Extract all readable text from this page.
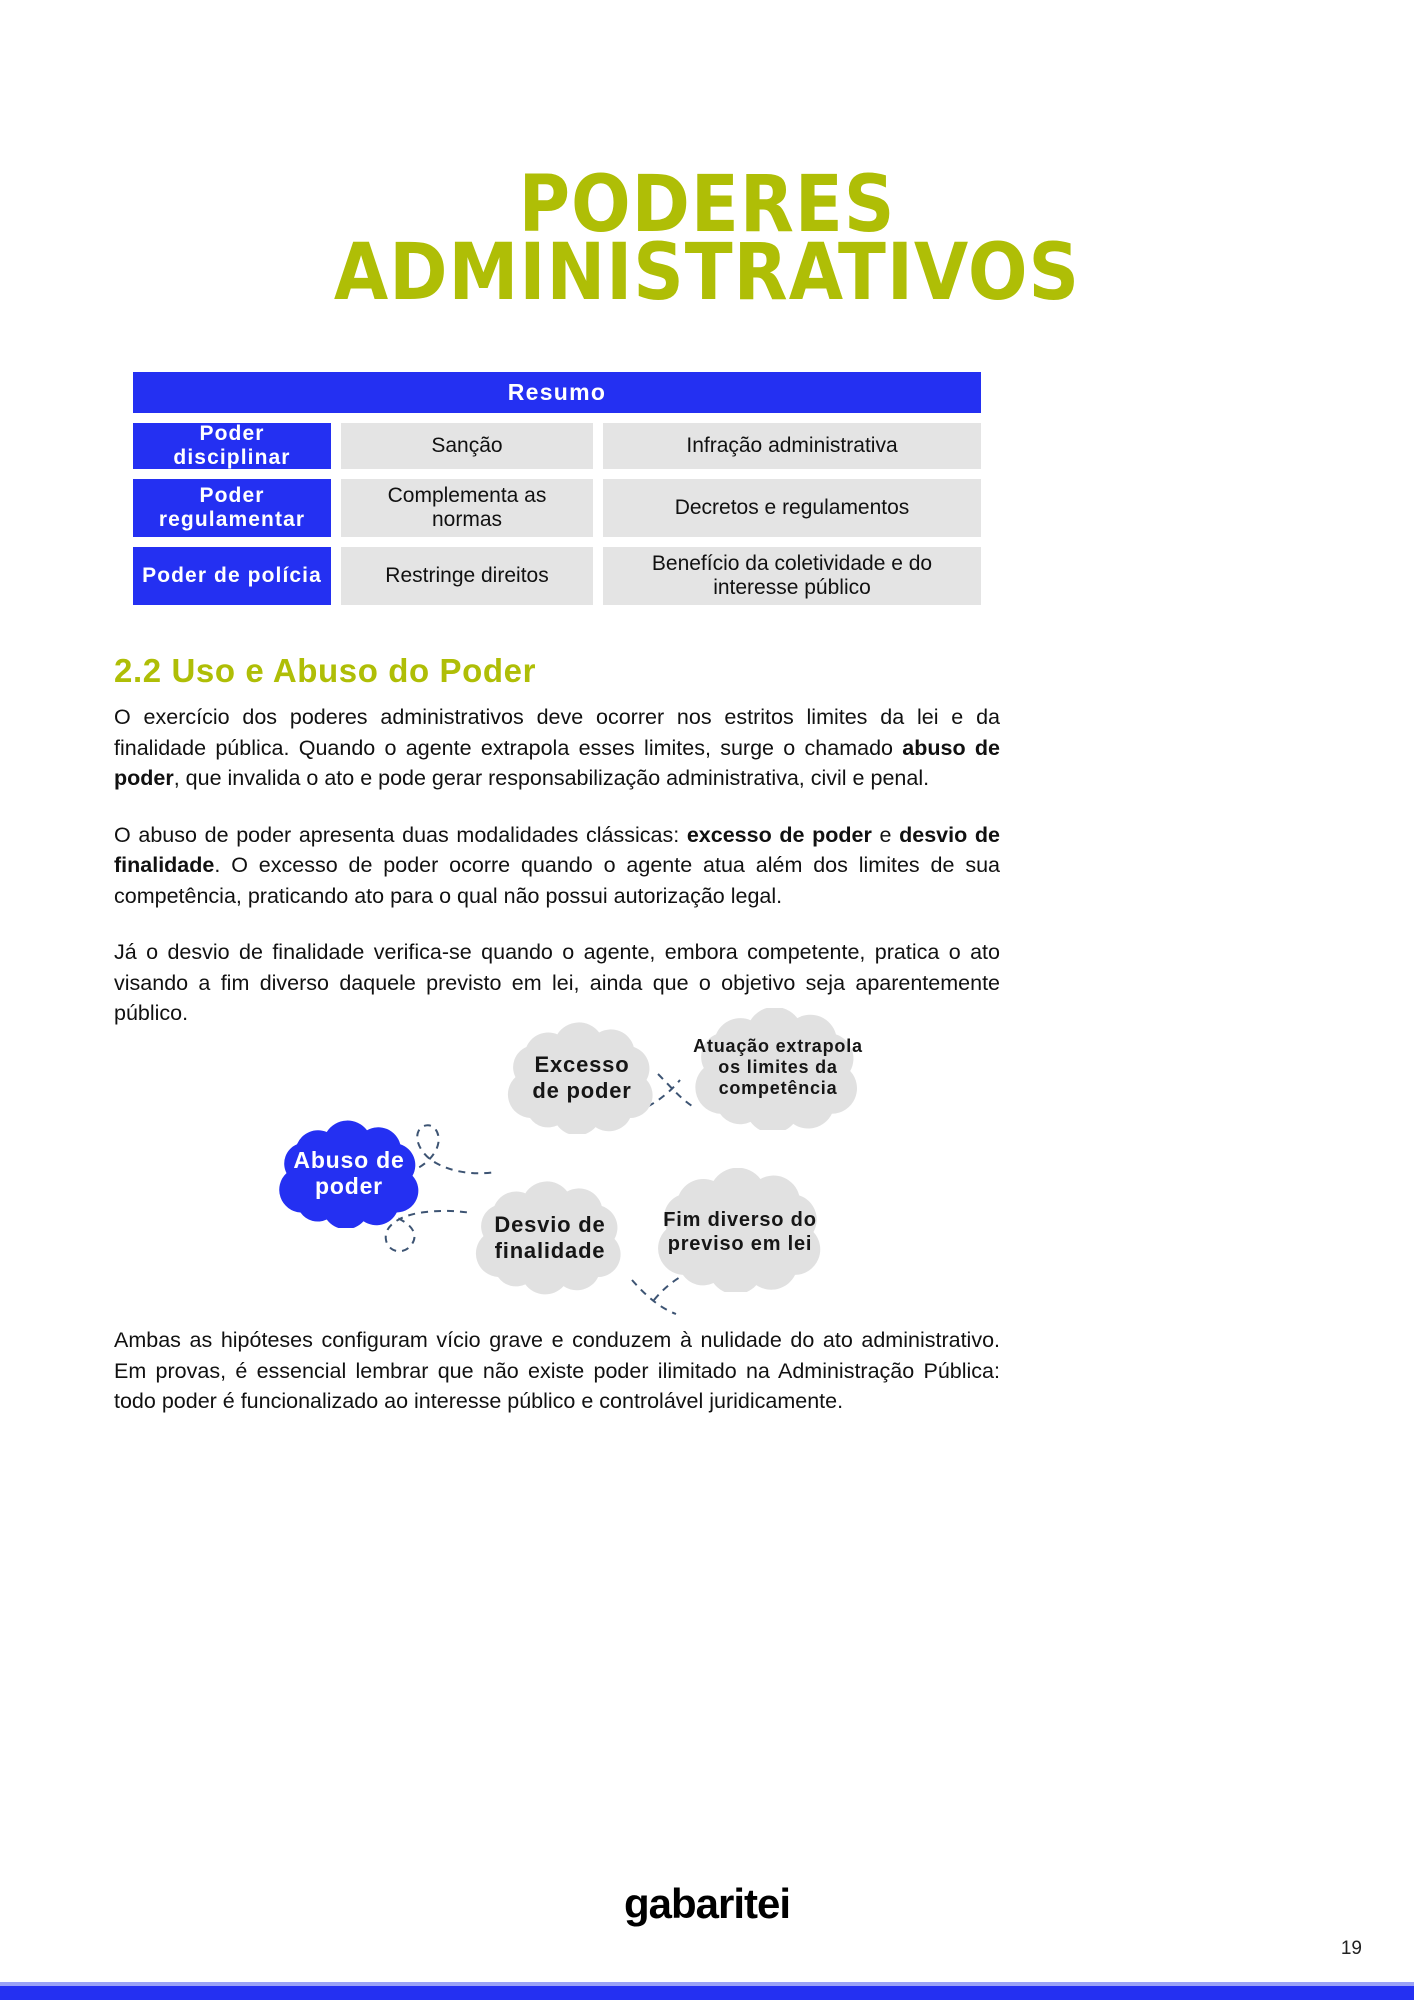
PODERES
ADMINISTRATIVOS
Resumo
Poder disciplinar
Sanção	Infração administrativa
Poder regulamentar
Complementa as normas
Decretos e regulamentos
Poder de polícia	Restringe direitos
Benefício da coletividade e do interesse público
2.2 Uso e Abuso do Poder

O exercício dos poderes administrativos deve ocorrer nos estritos limites da lei e da finalidade pública. Quando o agente extrapola esses limites, surge o chamado abuso de poder, que invalida o ato e pode gerar responsabilização administrativa, civil e penal.

O abuso de poder apresenta duas modalidades clássicas: excesso de poder e desvio de finalidade. O excesso de poder ocorre quando o agente atua além dos limites de sua competência, praticando ato para o qual não possui autorização legal.

Já o desvio de finalidade verifica-se quando o agente, embora competente, pratica o ato visando a fim diverso daquele previsto em lei, ainda que o objetivo seja aparentemente público.

Abuso de
poder
Excesso
de poder
Atuação extrapola
os limites da
competência
Desvio de
finalidade
Fim diverso do
previso em lei

Ambas as hipóteses configuram vício grave e conduzem à nulidade do ato administrativo. Em provas, é essencial lembrar que não existe poder ilimitado na Administração Pública: todo poder é funcionalizado ao interesse público e controlável juridicamente.

gabaritei
19
